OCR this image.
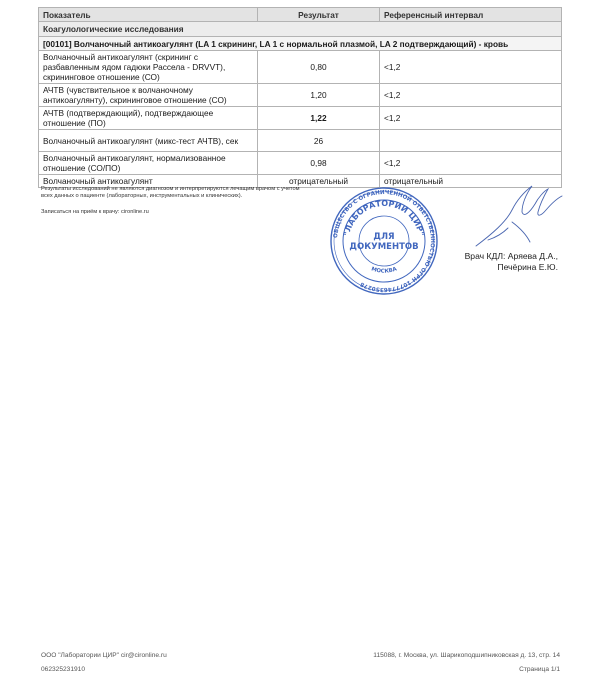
Показатель	Результат	Референсный интервал
Коагулологические исследования		
[00101] Волчаночный антикоагулянт (LA 1 скрининг, LA 1 с нормальной плазмой, LA 2 подтверждающий) - кровь		
Волчаночный антикоагулянт (скрининг с разбавленным ядом гадюки Рассела - DRVVT), скрининговое отношение (СО)	0,80	<1,2
АЧТВ (чувствительное к волчаночному антикоагулянту), скрининговое отношение (СО)	1,20	<1,2
АЧТВ (подтверждающий), подтверждающее отношение (ПО)	1,22	<1,2
Волчаночный антикоагулянт (микс-тест АЧТВ), сек	26	
Волчаночный антикоагулянт, нормализованное отношение (СО/ПО)	0,98	<1,2
Волчаночный антикоагулянт	отрицательный	отрицательный
Результаты исследований не являются диагнозом и интерпретируются лечащим врачом с учетом всех данных о пациенте (лабораторных, инструментальных и клинических).
Записаться на приём к врачу: cironline.ru
ОБЩЕСТВО С ОГРАНИЧЕННОЙ ОТВЕТСТВЕННОСТЬЮ ОГРН 1077746350278
"ЛАБОРАТОРИИ ЦИР"
МОСКВА
ДЛЯ
ДОКУМЕНТОВ
Врач КДЛ: Аряева Д.А.,
Печёрина Е.Ю.
ООО "Лаборатории ЦИР" cir@cironline.ru
062325231910
115088, г. Москва, ул. Шарикоподшипниковская д. 13, стр. 14
Страница 1/1
